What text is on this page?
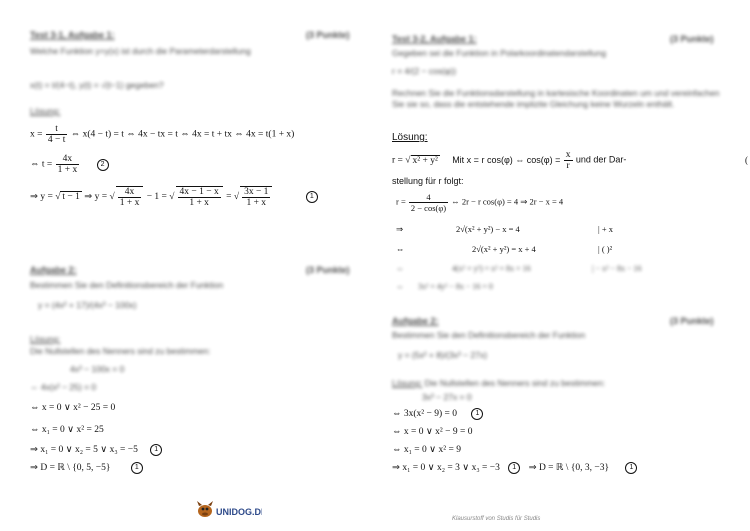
Test 3-1, Aufgabe 1:	(3 Punkte)
Welche Funktion y=y(x) ist durch die Parameterdarstellung
x(t) = t/(4−t), y(t) = √(t−1) gegeben?
Lösung:
$x = \frac{t}{4 - t}$ ⇔ x(4 − t) = t ⇔ 4x − tx = t ⇔ 4x = t + tx ⇔ 4x = t(1 + x)
⇔ $t = \frac{4x}{1 + x}$	2
⇒ y = √ t − 1 ⇒ y = √ $\frac{4x}{1 + x} - 1$ = √ $\frac{4x - 1 - x}{1 + x}$ = √ $\frac{3x - 1}{1 + x}$	1
Aufgabe 2:	(3 Punkte)
Bestimmen Sie den Definitionsbereich der Funktion
y = (4x² + 17)/(4x³ − 100x)
Lösung:
Die Nullstellen des Nenners sind zu bestimmen:
4x³ − 100x = 0
⇔ 4x(x² − 25) = 0
⇔ x = 0 ∨ x² − 25 = 0
⇔ x₁ = 0 ∨ x² = 25
⇒ x₁ = 0 ∨ x₂ = 5 ∨ x₃ = −5 1
⇒ D = ℝ \ {0, 5, −5}	1
Test 3-2, Aufgabe 1:	(3 Punkte)
Gegeben sei die Funktion in Polarkoordinatendarstellung
r = 4/(2 − cos(φ))
Rechnen Sie die Funktionsdarstellung in kartesische Koordinaten um und vereinfachen Sie sie so, dass die entstehende implizite Gleichung keine Wurzeln enthält.
Lösung:
r = √ x² + y² Mit x = r cos(φ) ⇔ $\cos(\varphi) = \frac{x}{r}$ und der Dar-
stellung für r folgt:
$r = \frac{4}{2 - \cos(\varphi)}$ ⇔ 2r − r cos(φ) = 4 ⇒ 2r − x = 4
⇒	2√(x² + y²) − x = 4	| + x
⇔	2√(x² + y²) = x + 4	| ( )²
⇔	4(x² + y²) = x² + 8x + 16	| − x² − 8x − 16
⇔ 3x² + 4y² − 8x − 16 = 0
Aufgabe 2:	(3 Punkte)
Bestimmen Sie den Definitionsbereich der Funktion
y = (5x² + 8)/(3x³ − 27x)
Lösung: Die Nullstellen des Nenners sind zu bestimmen:
3x³ − 27x = 0
⇔ 3x(x² − 9) = 0	1
⇔ x = 0 ∨ x² − 9 = 0
⇔ x₁ = 0 ∨ x² = 9
⇒ x₁ = 0 ∨ x₂ = 3 ∨ x₃ = −3 1 ⇒ D = ℝ \ {0, 3, −3}	1
UNIDOG.DE
Klausurstoff von Studis für Studis
(
